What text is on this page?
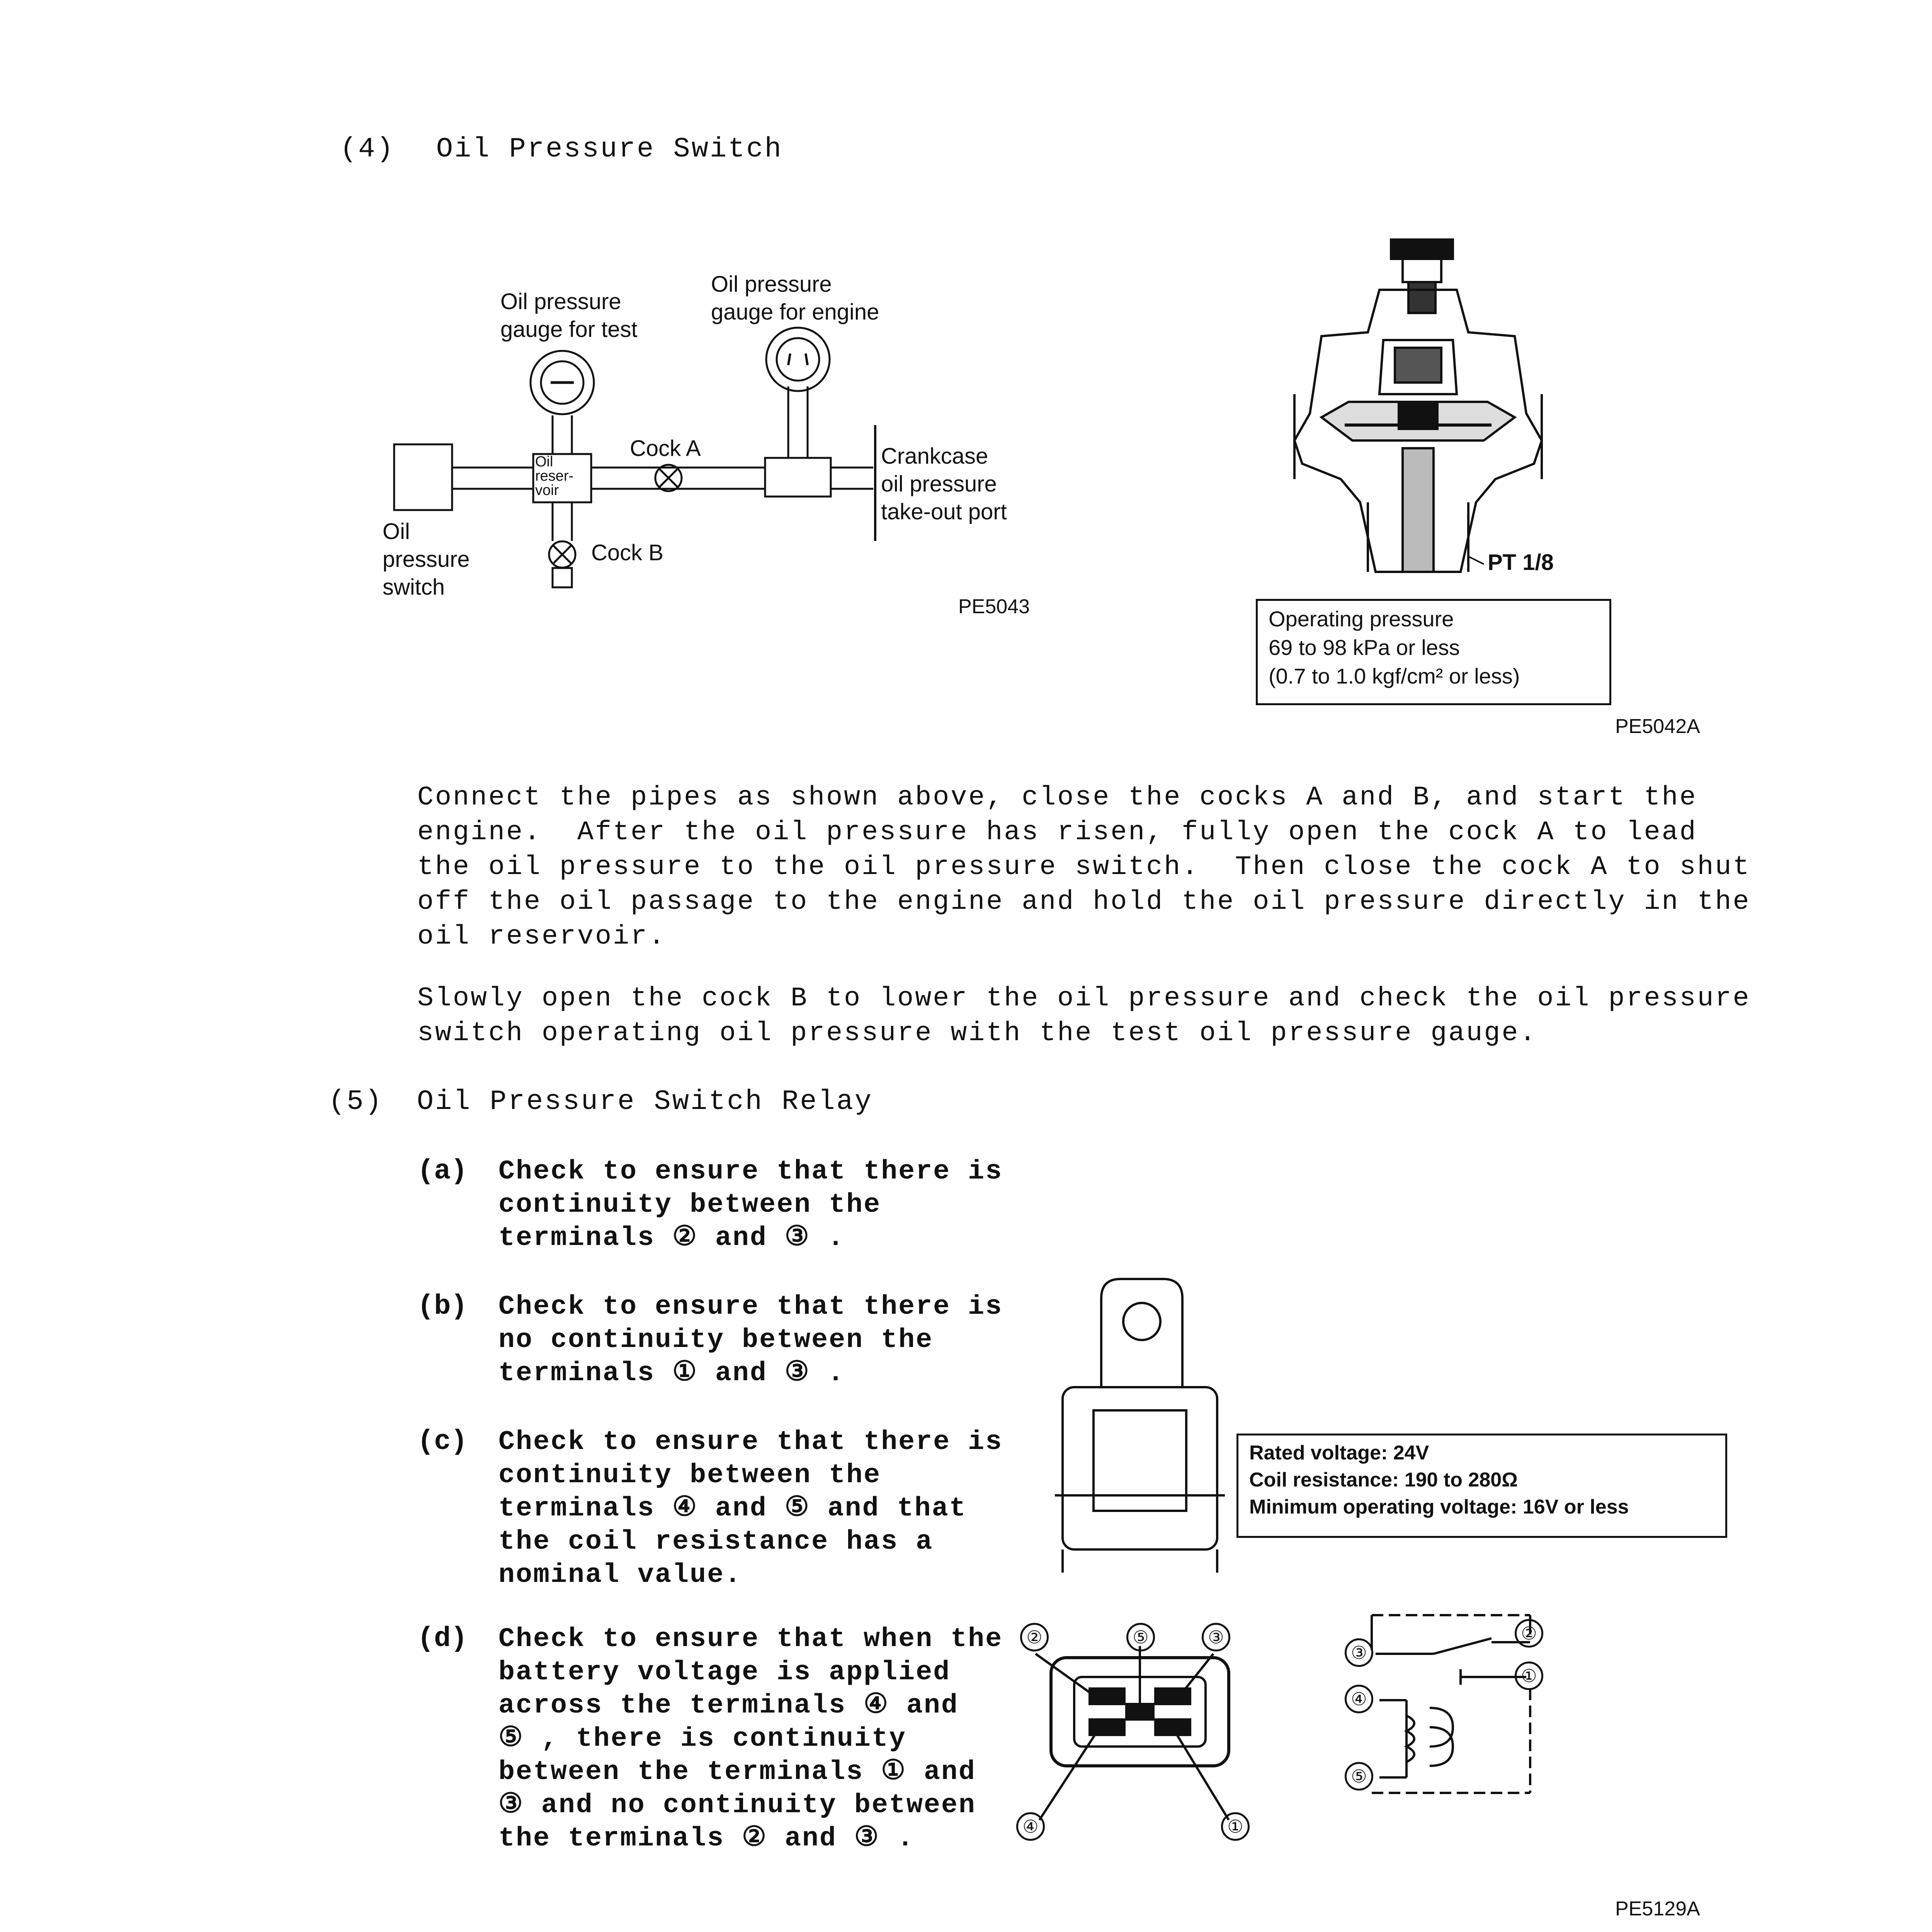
(4) Oil Pressure Switch
Oil pressure
gauge for test
Oil pressure
gauge for engine
Cock A
Cock B
Oil
reser-
voir
Crankcase
oil pressure
take-out port
Oil
pressure
switch
PE5043
PT 1/8
Operating pressure
69 to 98 kPa or less
(0.7 to 1.0 kgf/cm² or less)
PE5042A
Connect the pipes as shown above, close the cocks A and B, and start the
engine.  After the oil pressure has risen, fully open the cock A to lead
the oil pressure to the oil pressure switch.  Then close the cock A to shut
off the oil passage to the engine and hold the oil pressure directly in the
oil reservoir.
Slowly open the cock B to lower the oil pressure and check the oil pressure
switch operating oil pressure with the test oil pressure gauge.
(5) Oil Pressure Switch Relay
(a) Check to ensure that there is
continuity between the
terminals ② and ③ .
(b) Check to ensure that there is
no continuity between the
terminals ① and ③ .
(c) Check to ensure that there is
continuity between the
terminals ④ and ⑤ and that
the coil resistance has a
nominal value.
(d) Check to ensure that when the
battery voltage is applied
across the terminals ④ and
⑤ , there is continuity
between the terminals ① and
③ and no continuity between
the terminals ② and ③ .
②	⑤	③
④	①
Rated voltage: 24V
Coil resistance: 190 to 280Ω
Minimum operating voltage: 16V or less
③
②
①
④
⑤
PE5129A
